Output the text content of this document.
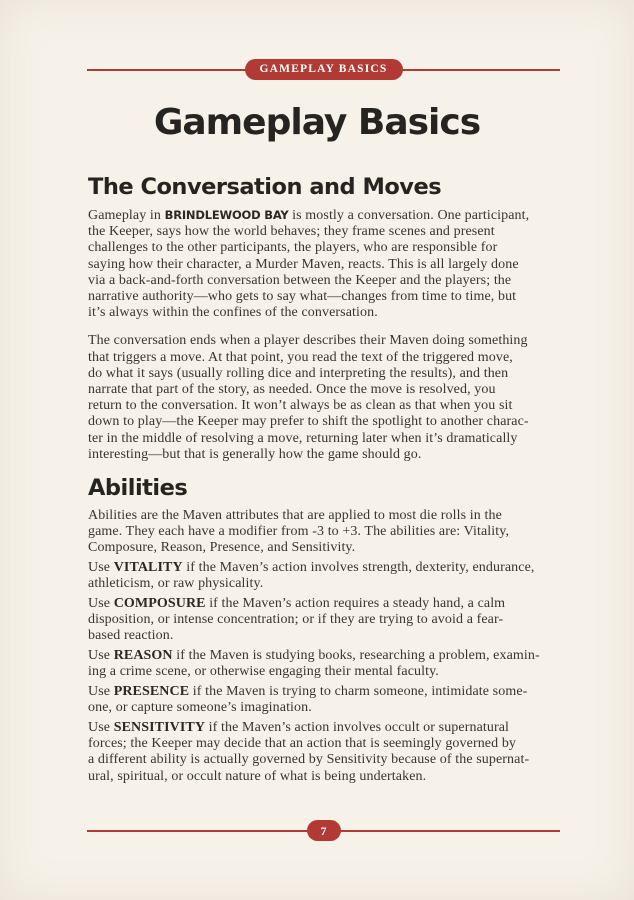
GAMEPLAY BASICS
Gameplay Basics
The Conversation and Moves

Gameplay in BRINDLEWOOD BAY is mostly a conversation. One participant,
the Keeper, says how the world behaves; they frame scenes and present
challenges to the other participants, the players, who are responsible for
saying how their character, a Murder Maven, reacts. This is all largely done
via a back-and-forth conversation between the Keeper and the players; the
narrative authority—who gets to say what—changes from time to time, but
it’s always within the confines of the conversation.

The conversation ends when a player describes their Maven doing something
that triggers a move. At that point, you read the text of the triggered move,
do what it says (usually rolling dice and interpreting the results), and then
narrate that part of the story, as needed. Once the move is resolved, you
return to the conversation. It won’t always be as clean as that when you sit
down to play—the Keeper may prefer to shift the spotlight to another charac-
ter in the middle of resolving a move, returning later when it’s dramatically
interesting—but that is generally how the game should go.

Abilities

Abilities are the Maven attributes that are applied to most die rolls in the
game. They each have a modifier from -3 to +3. The abilities are: Vitality,
Composure, Reason, Presence, and Sensitivity.

Use VITALITY if the Maven’s action involves strength, dexterity, endurance,
athleticism, or raw physicality.

Use COMPOSURE if the Maven’s action requires a steady hand, a calm
disposition, or intense concentration; or if they are trying to avoid a fear-
based reaction.

Use REASON if the Maven is studying books, researching a problem, examin-
ing a crime scene, or otherwise engaging their mental faculty.

Use PRESENCE if the Maven is trying to charm someone, intimidate some-
one, or capture someone’s imagination.

Use SENSITIVITY if the Maven’s action involves occult or supernatural
forces; the Keeper may decide that an action that is seemingly governed by
a different ability is actually governed by Sensitivity because of the supernat-
ural, spiritual, or occult nature of what is being undertaken.

7
